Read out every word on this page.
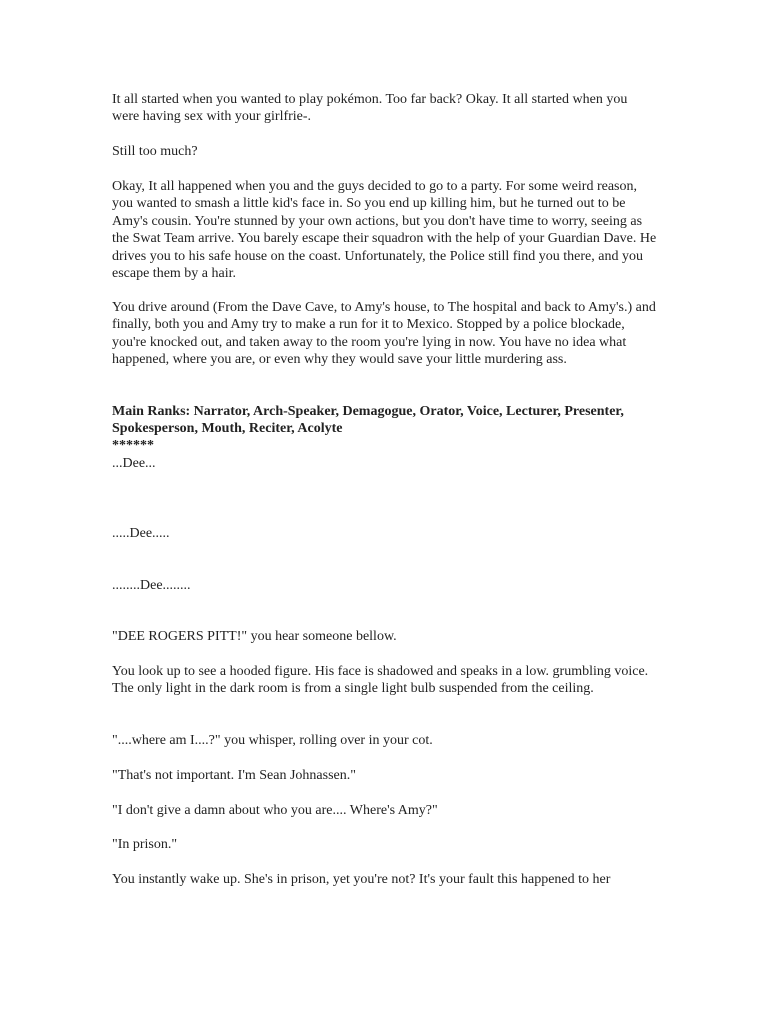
It all started when you wanted to play pokémon. Too far back? Okay. It all started when you were having sex with your girlfrie-.

Still too much?

Okay, It all happened when you and the guys decided to go to a party. For some weird reason, you wanted to smash a little kid's face in. So you end up killing him, but he turned out to be Amy's cousin. You're stunned by your own actions, but you don't have time to worry, seeing as the Swat Team arrive. You barely escape their squadron with the help of your Guardian Dave. He drives you to his safe house on the coast. Unfortunately, the Police still find you there, and you escape them by a hair.

You drive around (From the Dave Cave, to Amy's house, to The hospital and back to Amy's.) and finally, both you and Amy try to make a run for it to Mexico. Stopped by a police blockade, you're knocked out, and taken away to the room you're lying in now. You have no idea what happened, where you are, or even why they would save your little murdering ass.

Main Ranks: Narrator, Arch-Speaker, Demagogue, Orator, Voice, Lecturer, Presenter, Spokesperson, Mouth, Reciter, Acolyte

******

...Dee...

.....Dee.....

........Dee........

"DEE ROGERS PITT!" you hear someone bellow.

You look up to see a hooded figure. His face is shadowed and speaks in a low. grumbling voice. The only light in the dark room is from a single light bulb suspended from the ceiling.

"....where am I....?" you whisper, rolling over in your cot.

"That's not important. I'm Sean Johnassen."

"I don't give a damn about who you are.... Where's Amy?"

"In prison."

You instantly wake up. She's in prison, yet you're not? It's your fault this happened to her
